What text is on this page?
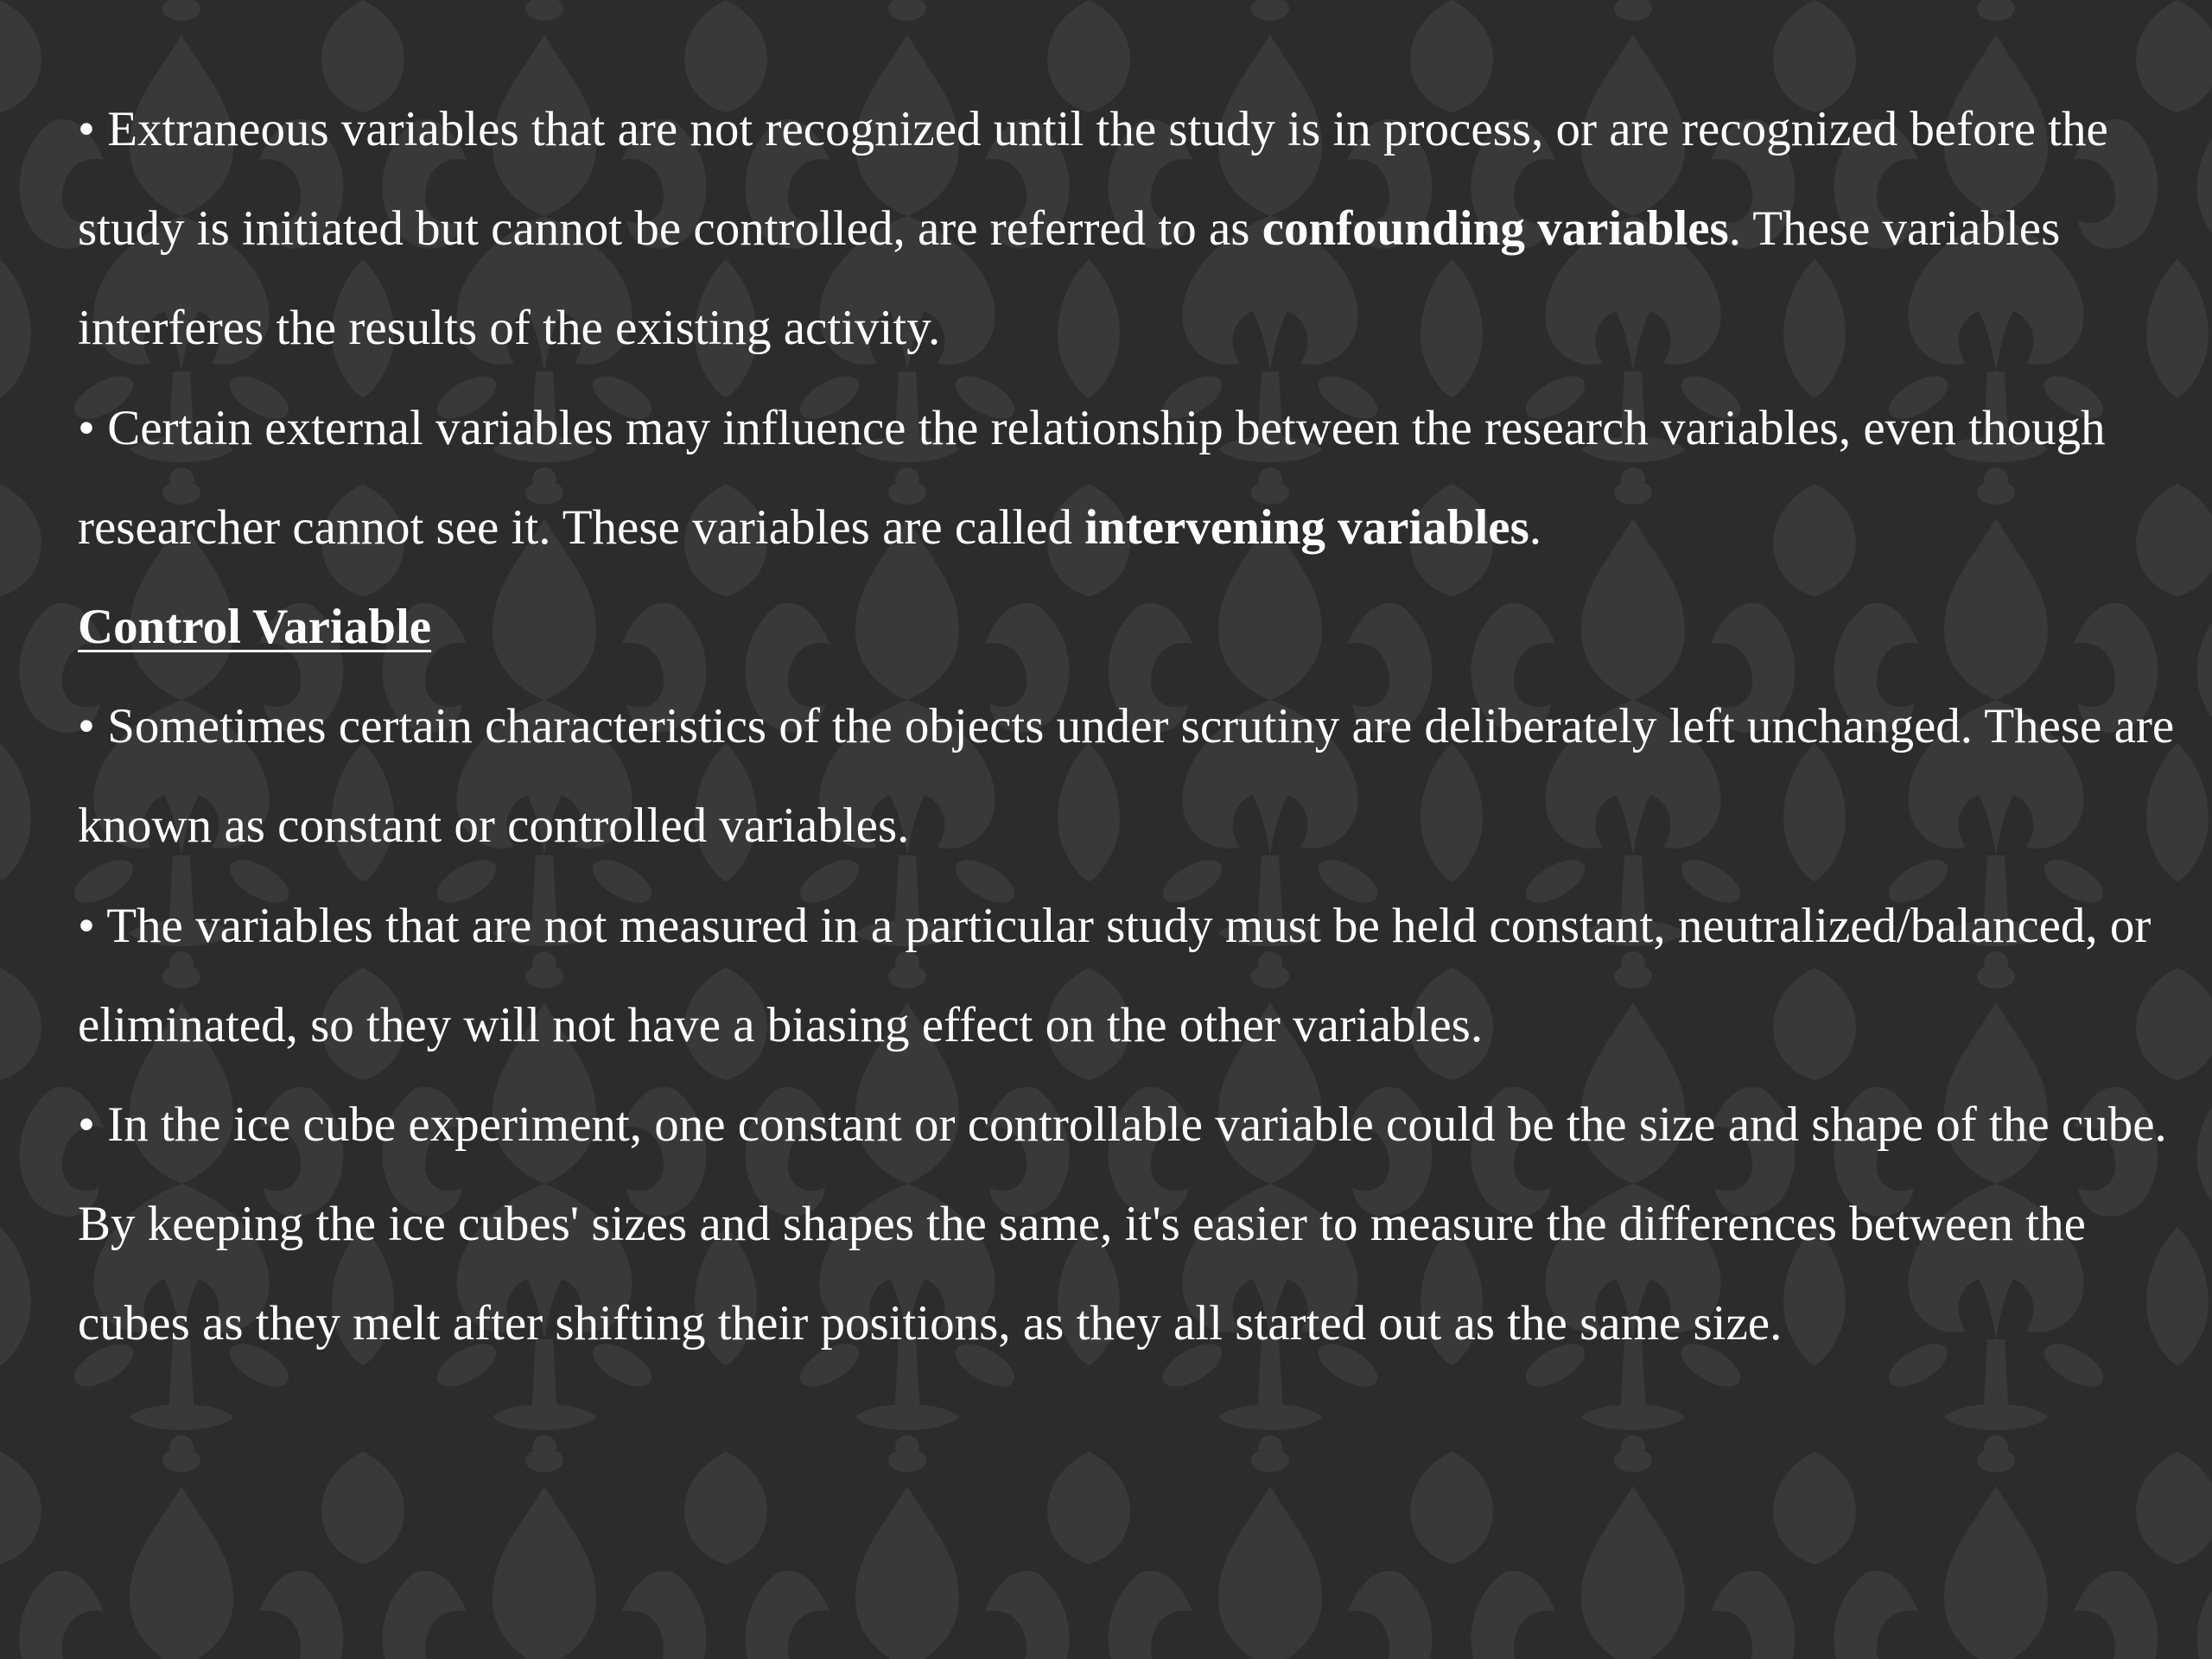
• Extraneous variables that are not recognized until the study is in process, or are recognized before the study is initiated but cannot be controlled, are referred to as confounding variables. These variables interferes the results of the existing activity.

• Certain external variables may influence the relationship between the research variables, even though researcher cannot see it. These variables are called intervening variables.

Control Variable

• Sometimes certain characteristics of the objects under scrutiny are deliberately left unchanged. These are known as constant or controlled variables.

• The variables that are not measured in a particular study must be held constant, neutralized/balanced, or eliminated, so they will not have a biasing effect on the other variables.

• In the ice cube experiment, one constant or controllable variable could be the size and shape of the cube. By keeping the ice cubes' sizes and shapes the same, it's easier to measure the differences between the cubes as they melt after shifting their positions, as they all started out as the same size.
